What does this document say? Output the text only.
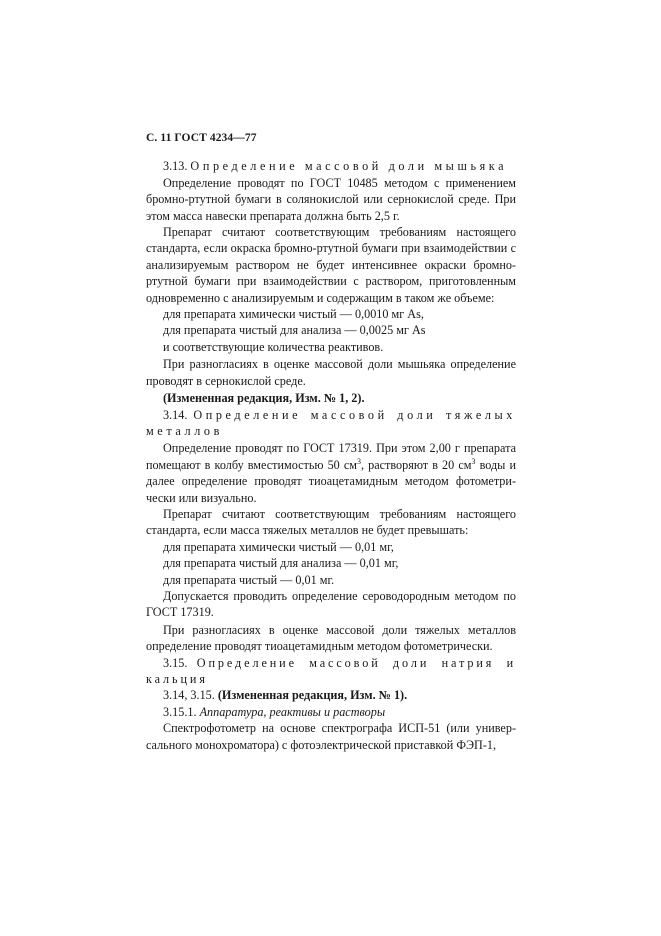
С. 11 ГОСТ 4234—77

3.13. Определение массовой доли мышьяка

Определение проводят по ГОСТ 10485 методом с применением бромно-ртутной бумаги в солянокислой или сернокислой среде. При этом масса навески препарата должна быть 2,5 г.

Препарат считают соответствующим требованиям настоящего стандарта, если окраска бромно-ртутной бумаги при взаимодействии с анализируемым раствором не будет интенсивнее окраски бромно-ртутной бумаги при взаимодействии с раствором, приготовленным одновременно с анализируемым и содержащим в таком же объеме:

для препарата химически чистый — 0,0010 мг As,

для препарата чистый для анализа — 0,0025 мг As

и соответствующие количества реактивов.

При разногласиях в оценке массовой доли мышьяка определение проводят в сернокислой среде.

(Измененная редакция, Изм. № 1, 2).

3.14. Определение массовой доли тяжелых металлов

Определение проводят по ГОСТ 17319. При этом 2,00 г препарата помещают в колбу вместимостью 50 $см^3$, растворяют в 20 $см^3$ воды и далее определение проводят тиоацетамидным методом фотометрически или визуально.

Препарат считают соответствующим требованиям настоящего стандарта, если масса тяжелых металлов не будет превышать:

для препарата химически чистый — 0,01 мг,

для препарата чистый для анализа — 0,01 мг,

для препарата чистый — 0,01 мг.

Допускается проводить определение сероводородным методом по ГОСТ 17319.

При разногласиях в оценке массовой доли тяжелых металлов определение проводят тиоацетамидным методом фотометрически.

3.15. Определение массовой доли натрия и кальция

3.14, 3.15. (Измененная редакция, Изм. № 1).

3.15.1. Аппаратура, реактивы и растворы

Спектрофотометр на основе спектрографа ИСП-51 (или универсального монохроматора) с фотоэлектрической приставкой ФЭП-1,
